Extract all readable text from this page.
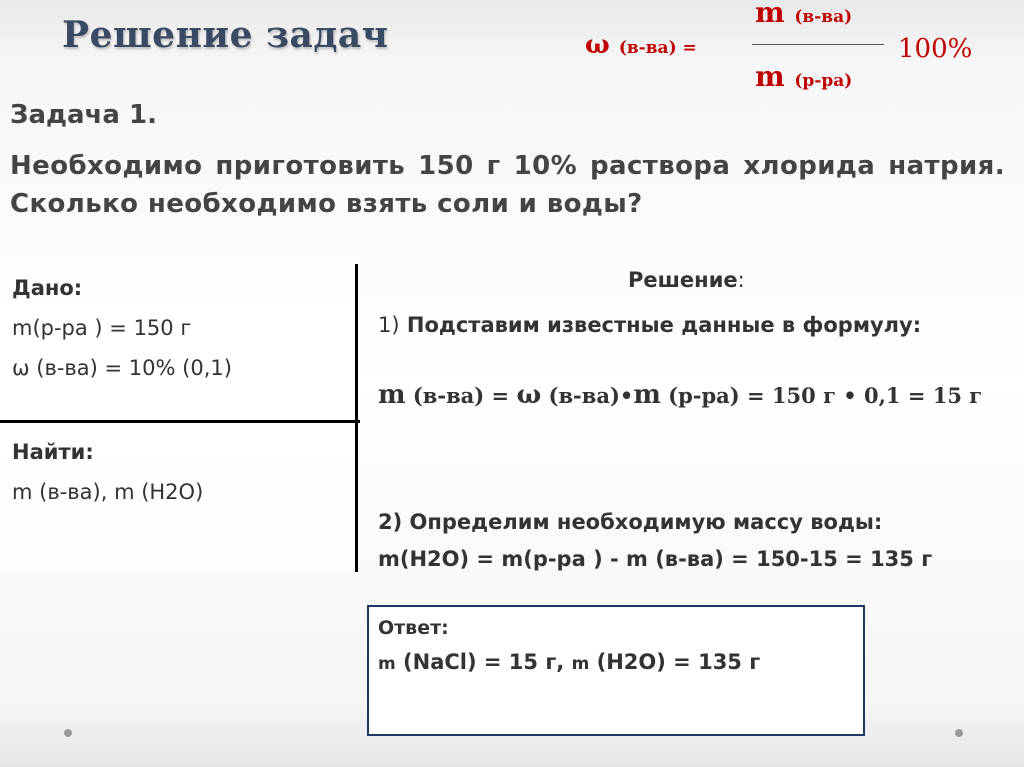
Решение задач	ω (в-ва) =
m (в-ва)
m (р-ра)
100%
Задача 1.
Необходимо приготовить 150 г 10% раствора хлорида натрия.
Сколько необходимо взять соли и воды?
Дано:
m(р-ра ) = 150 г
ω (в-ва) = 10% (0,1)
Найти:
m (в-ва), m (H2O)
Решение:
1) Подставим известные данные в формулу:
m (в-ва) = ω (в-ва)•m (р-ра) = 150 г • 0,1 = 15 г
2) Определим необходимую массу воды:
m(H2O) = m(р-ра ) - m (в-ва) = 150-15 = 135 г
Ответ:
m (NaCl) = 15 г, m (H2O) = 135 г
